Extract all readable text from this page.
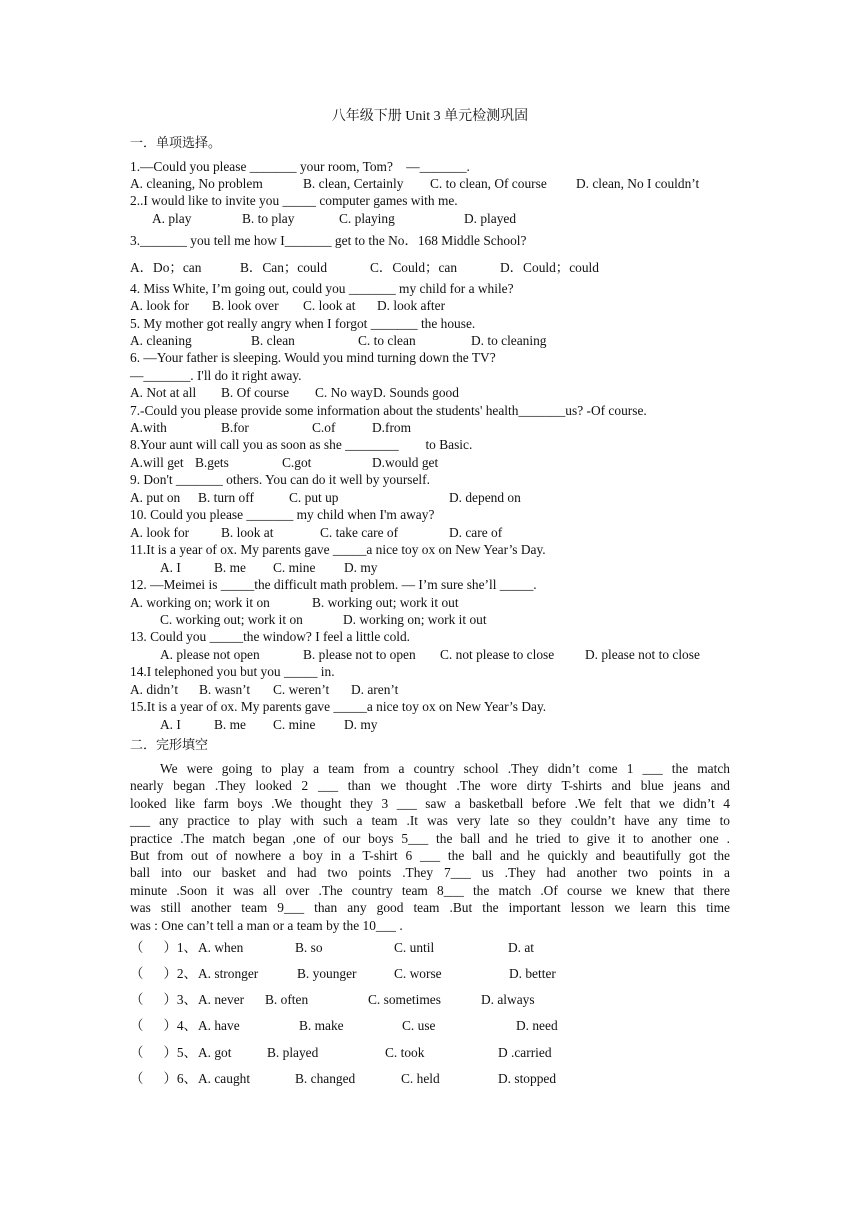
八年级下册 Unit 3 单元检测巩固
一．单项选择。
1.—Could you please _______ your room, Tom?    —_______.
A. cleaning, No problem	B. clean, Certainly C. to clean, Of course D. clean, No I couldn’t
2..I would like to invite you _____ computer games with me.
A. play	B. to play	C. playing	D. played
3._______ you tell me how I_______ get to the No．168 Middle School?
A．Do；can	B．Can；could	C．Could；can	D．Could；could
4. Miss White, I’m going out, could you _______ my child for a while?
A. look for B. look over C. look at D. look after
5. My mother got really angry when I forgot _______ the house.
A. cleaning	B. clean	C. to clean	D. to cleaning
6. —Your father is sleeping. Would you mind turning down the TV?
—_______. I'll do it right away.
A. Not at all B. Of course C. No way D. Sounds good
7.-Could you please provide some information about the students' health_______us? -Of course.
A.with	B.for	C.of	D.from
8.Your aunt will call you as soon as she ________        to Basic.
A.will get B.gets	C.got	D.would get
9. Don't _______ others. You can do it well by yourself.
A. put on B. turn off	C. put up	D. depend on
10. Could you please _______ my child when I'm away?
A. look for B. look at	C. take care of	D. care of
11.It is a year of ox. My parents gave _____a nice toy ox on New Year’s Day.
A. I B. me C. mine D. my
12. —Meimei is _____the difficult math problem. — I’m sure she’ll _____.
A. working on; work it on	B. working out; work it out
C. working out; work it on	D. working on; work it out
13. Could you _____the window? I feel a little cold.
A. please not open	B. please not to open C. not please to close D. please not to close
14.I telephoned you but you _____ in.
A. didn’t B. wasn’t C. weren’t D. aren’t
15.It is a year of ox. My parents gave _____a nice toy ox on New Year’s Day.
A. I B. me C. mine D. my
二．完形填空
We were going to play a team from a country school .They didn’t come 1 ___ the match
nearly began .They looked 2 ___ than we thought .The wore dirty T-shirts and blue jeans and
looked like farm boys .We thought they 3 ___ saw a basketball before .We felt that we didn’t 4
___ any practice to play with such a team .It was very late so they couldn’t have any time to
practice .The match began ,one of our boys 5___ the ball and he tried to give it to another one .
But from out of nowhere a boy in a T-shirt 6 ___ the ball and he quickly and beautifully got the
ball into our basket and had two points .They 7___ us .They had another two points in a
minute .Soon it was all over .The country team 8___ the match .Of course we knew that there
was still another team 9___ than any good team .But the important lesson we learn this time
was : One can’t tell a man or a team by the 10___ .
（      ）1、 A. when	B. so	C. until	D. at
（      ）2、 A. stronger	B. younger	C. worse	D. better
（      ）3、 A. never B. often	C. sometimes	D. always
（      ）4、 A. have	B. make	C. use	D. need
（      ）5、 A. got	B. played	C. took	D .carried
（      ）6、 A. caught	B. changed	C. held	D. stopped
